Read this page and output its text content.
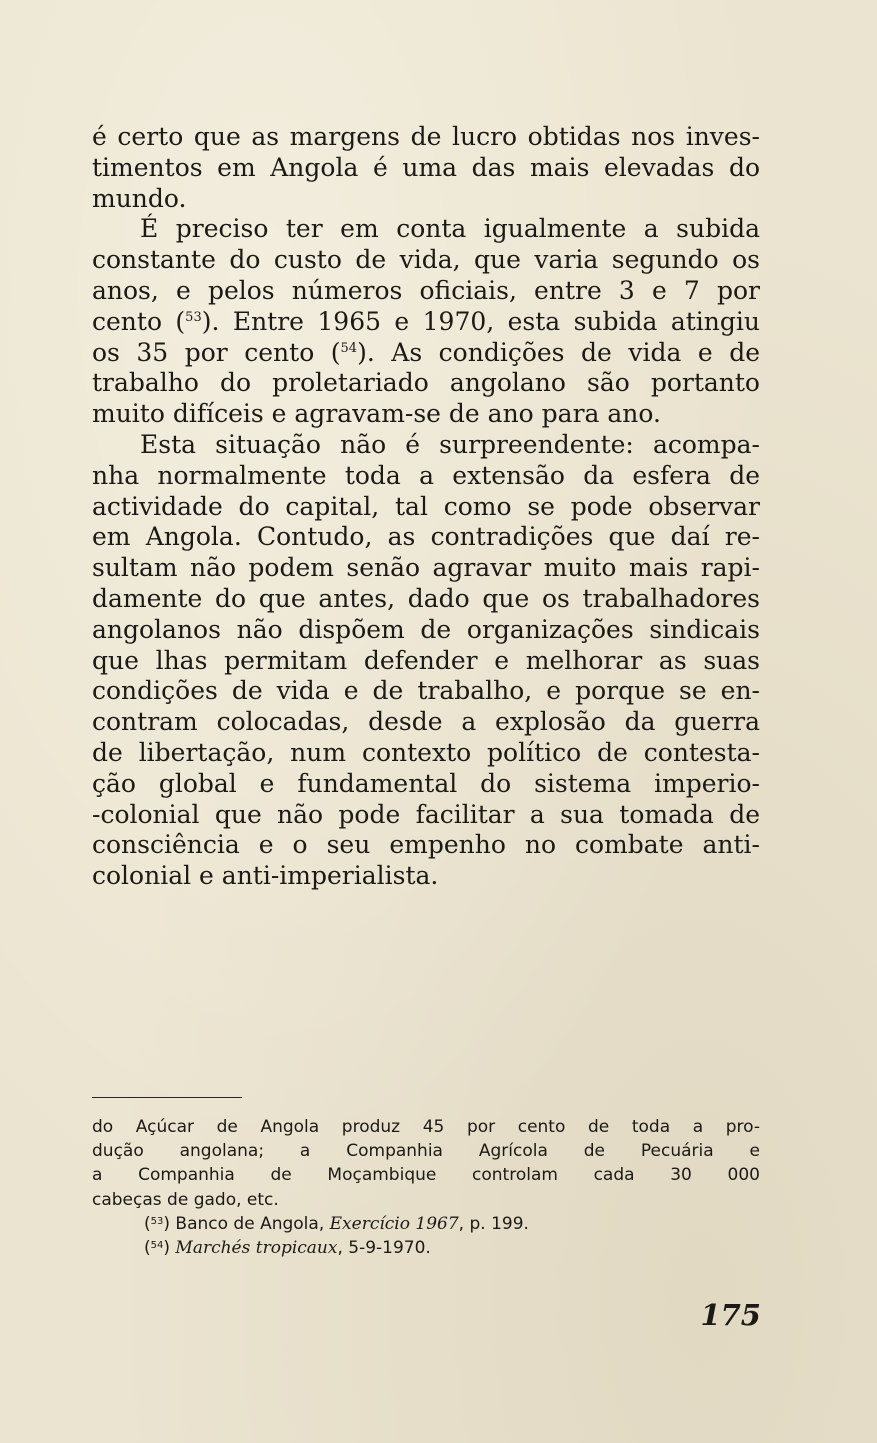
é certo que as margens de lucro obtidas nos inves-
timentos em Angola é uma das mais elevadas do
mundo.
É preciso ter em conta igualmente a subida
constante do custo de vida, que varia segundo os
anos, e pelos números oficiais, entre 3 e 7 por
cento ($^{53}$). Entre 1965 e 1970, esta subida atingiu
os 35 por cento ($^{54}$). As condições de vida e de
trabalho do proletariado angolano são portanto
muito difíceis e agravam-se de ano para ano.
Esta situação não é surpreendente: acompa-
nha normalmente toda a extensão da esfera de
actividade do capital, tal como se pode observar
em Angola. Contudo, as contradições que daí re-
sultam não podem senão agravar muito mais rapi-
damente do que antes, dado que os trabalhadores
angolanos não dispõem de organizações sindicais
que lhas permitam defender e melhorar as suas
condições de vida e de trabalho, e porque se en-
contram colocadas, desde a explosão da guerra
de libertação, num contexto político de contesta-
ção global e fundamental do sistema imperio-
-colonial que não pode facilitar a sua tomada de
consciência e o seu empenho no combate anti-
colonial e anti-imperialista.
do Açúcar de Angola produz 45 por cento de toda a pro-
dução angolana; a Companhia Agrícola de Pecuária e
a Companhia de Moçambique controlam cada 30 000
cabeças de gado, etc.
($^{53}$) Banco de Angola, Exercício 1967, p. 199.
($^{54}$) Marchés tropicaux, 5-9-1970.
175
